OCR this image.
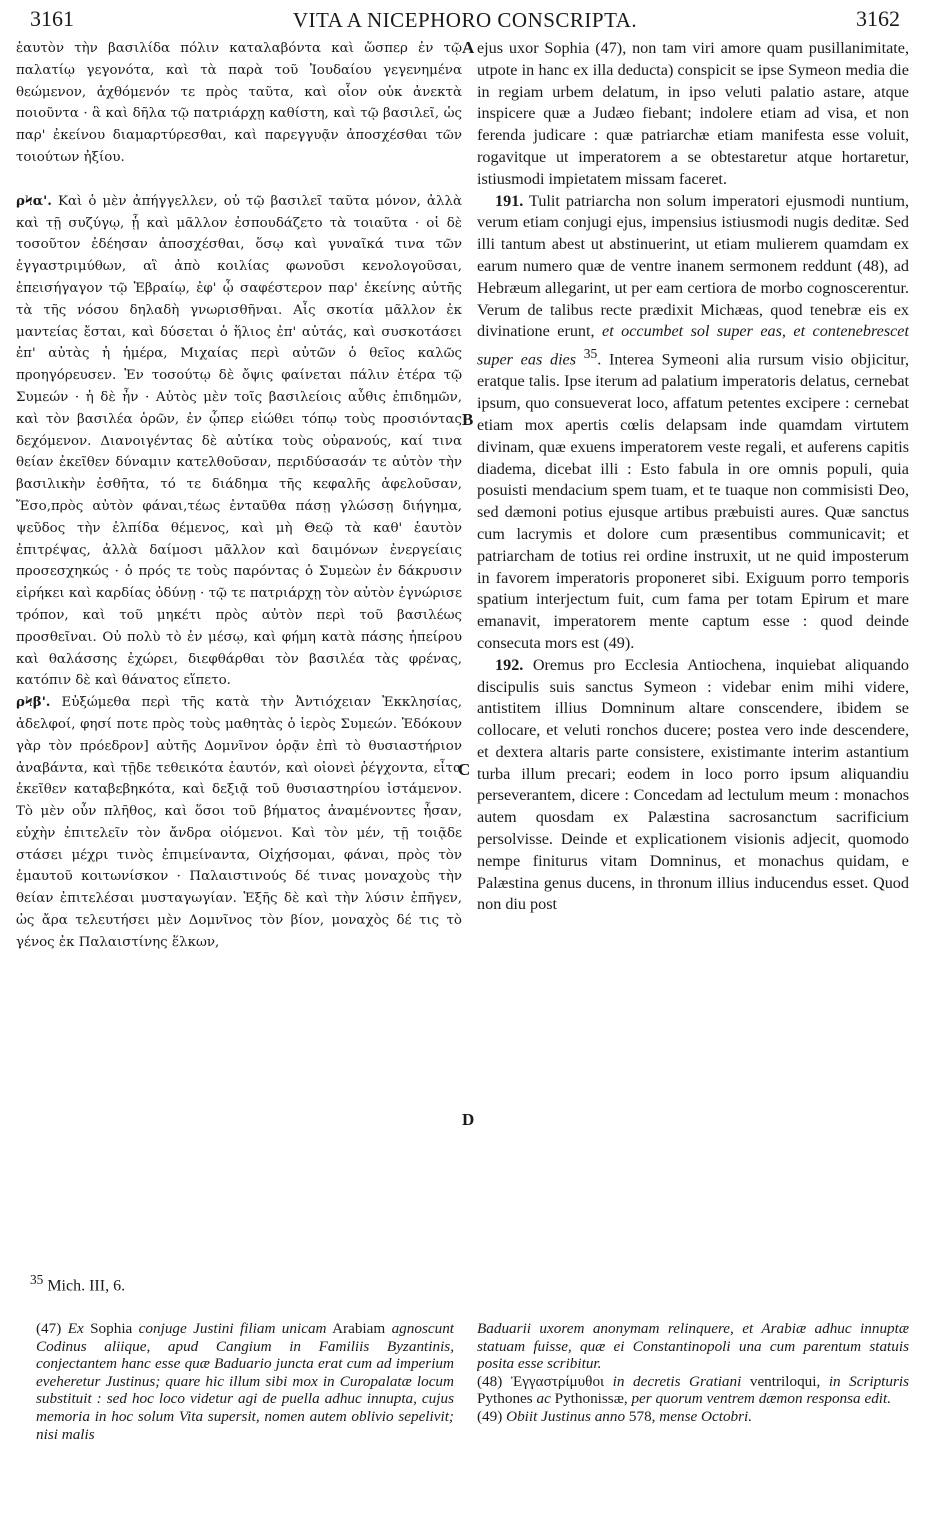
3161	VITA A NICEPHORO CONSCRIPTA.	3162

ἑαυτὸν τὴν βασιλίδα πόλιν καταλαβόντα καὶ ὥσπερ ἐν τῷ παλατίῳ γεγονότα, καὶ τὰ παρὰ τοῦ Ἰουδαίου γεγενημένα θεώμενον, ἀχθόμενόν τε πρὸς ταῦτα, καὶ οἷον οὐκ ἀνεκτὰ ποιοῦντα · ἃ καὶ δῆλα τῷ πατριάρχῃ καθίστη, καὶ τῷ βασιλεῖ, ὡς παρ' ἐκείνου διαμαρτύρεσθαι, καὶ παρεγγυᾷν ἀποσχέσθαι τῶν τοιούτων ἠξίου.

ρϞα'. Καὶ ὁ μὲν ἀπήγγελλεν, οὐ τῷ βασιλεῖ ταῦτα μόνον, ἀλλὰ καὶ τῇ συζύγῳ, ᾗ καὶ μᾶλλον ἐσπουδάζετο τὰ τοιαῦτα · οἱ δὲ τοσοῦτον ἐδέησαν ἀποσχέσθαι, ὅσῳ καὶ γυναῖκά τινα τῶν ἐγγαστριμύθων, αἳ ἀπὸ κοιλίας φωνοῦσι κενολογοῦσαι, ἐπεισήγαγον τῷ Ἑβραίῳ, ἐφ' ᾧ σαφέστερον παρ' ἐκείνης αὐτῆς τὰ τῆς νόσου δηλαδὴ γνωρισθῆναι. Αἷς σκοτία μᾶλλον ἐκ μαντείας ἔσται, καὶ δύσεται ὁ ἥλιος ἐπ' αὐτάς, καὶ συσκοτάσει ἐπ' αὐτὰς ἡ ἡμέρα, Μιχαίας περὶ αὐτῶν ὁ θεῖος καλῶς προηγόρευσεν. Ἐν τοσούτῳ δὲ ὄψις φαίνεται πάλιν ἑτέρα τῷ Συμεών · ἡ δὲ ἦν · Αὐτὸς μὲν τοῖς βασιλείοις αὖθις ἐπιδημῶν, καὶ τὸν βασιλέα ὁρῶν, ἐν ᾧπερ εἰώθει τόπῳ τοὺς προσιόντας δεχόμενον. Διανοιγέντας δὲ αὐτίκα τοὺς οὐρανούς, καί τινα θείαν ἐκεῖθεν δύναμιν κατελθοῦσαν, περιδύσασάν τε αὐτὸν τὴν βασιλικὴν ἐσθῆτα, τό τε διάδημα τῆς κεφαλῆς ἀφελοῦσαν, Ἔσο,πρὸς αὐτὸν φάναι,τέως ἐνταῦθα πάσῃ γλώσσῃ διήγημα, ψεῦδος τὴν ἐλπίδα θέμενος, καὶ μὴ Θεῷ τὰ καθ' ἑαυτὸν ἐπιτρέψας, ἀλλὰ δαίμοσι μᾶλλον καὶ δαιμόνων ἐνεργείαις προσεσχηκώς · ὁ πρός τε τοὺς παρόντας ὁ Συμεὼν ἐν δάκρυσιν εἰρήκει καὶ καρδίας ὀδύνῃ · τῷ τε πατριάρχῃ τὸν αὐτὸν ἐγνώρισε τρόπον, καὶ τοῦ μηκέτι πρὸς αὐτὸν περὶ τοῦ βασιλέως προσθεῖναι. Οὐ πολὺ τὸ ἐν μέσῳ, καὶ φήμη κατὰ πάσης ἠπείρου καὶ θαλάσσης ἐχώρει, διεφθάρθαι τὸν βασιλέα τὰς φρένας, κατόπιν δὲ καὶ θάνατος εἵπετο.

ρϞβ'. Εὐξώμεθα περὶ τῆς κατὰ τὴν Ἀντιόχειαν Ἐκκλησίας, ἀδελφοί, φησί ποτε πρὸς τοὺς μαθητὰς ὁ ἱερὸς Συμεών. Ἐδόκουν γὰρ τὸν πρόεδρον] αὐτῆς Δομνῖνον ὁρᾷν ἐπὶ τὸ θυσιαστήριον ἀναβάντα, καὶ τῇδε τεθεικότα ἑαυτόν, καὶ οἱονεὶ ῥέγχοντα, εἶτα ἐκεῖθεν καταβεβηκότα, καὶ δεξιᾷ τοῦ θυσιαστηρίου ἱστάμενον. Τὸ μὲν οὖν πλῆθος, καὶ ὅσοι τοῦ βήματος ἀναμένοντες ἦσαν, εὐχὴν ἐπιτελεῖν τὸν ἄνδρα οἰόμενοι. Καὶ τὸν μέν, τῇ τοιᾷδε στάσει μέχρι τινὸς ἐπιμείναντα, Οἰχήσομαι, φάναι, πρὸς τὸν ἐμαυτοῦ κοιτωνίσκον · Παλαιστινούς δέ τινας μοναχοὺς τὴν θείαν ἐπιτελέσαι μυσταγωγίαν. Ἑξῆς δὲ καὶ τὴν λύσιν ἐπῆγεν, ὡς ἄρα τελευτήσει μὲν Δομνῖνος τὸν βίον, μοναχὸς δέ τις τὸ γένος ἐκ Παλαιστίνης ἕλκων,

A
B
C
D

ejus uxor Sophia (47), non tam viri amore quam pusillanimitate, utpote in hanc ex illa deducta) conspicit se ipse Symeon media die in regiam urbem delatum, in ipso veluti palatio astare, atque inspicere quæ a Judæo fiebant; indolere etiam ad visa, et non ferenda judicare : quæ patriarchæ etiam manifesta esse voluit, rogavitque ut imperatorem a se obtestaretur atque hortaretur, istiusmodi impietatem missam faceret.

191. Tulit patriarcha non solum imperatori ejusmodi nuntium, verum etiam conjugi ejus, impensius istiusmodi nugis deditæ. Sed illi tantum abest ut abstinuerint, ut etiam mulierem quamdam ex earum numero quæ de ventre inanem sermonem reddunt (48), ad Hebræum allegarint, ut per eam certiora de morbo cognoscerentur. Verum de talibus recte prædixit Michæas, quod tenebræ eis ex divinatione erunt, et occumbet sol super eas, et contenebrescet super eas dies $^{35}$. Interea Symeoni alia rursum visio objicitur, eratque talis. Ipse iterum ad palatium imperatoris delatus, cernebat ipsum, quo consueverat loco, affatum petentes excipere : cernebat etiam mox apertis cœlis delapsam inde quamdam virtutem divinam, quæ exuens imperatorem veste regali, et auferens capitis diadema, dicebat illi : Esto fabula in ore omnis populi, quia posuisti mendacium spem tuam, et te tuaque non commisisti Deo, sed dæmoni potius ejusque artibus præbuisti aures. Quæ sanctus cum lacrymis et dolore cum præsentibus communicavit; et patriarcham de totius rei ordine instruxit, ut ne quid imposterum in favorem imperatoris proponeret sibi. Exiguum porro temporis spatium interjectum fuit, cum fama per totam Epirum et mare emanavit, imperatorem mente captum esse : quod deinde consecuta mors est (49).

192. Oremus pro Ecclesia Antiochena, inquiebat aliquando discipulis suis sanctus Symeon : videbar enim mihi videre, antistitem illius Domninum altare conscendere, ibidem se collocare, et veluti ronchos ducere; postea vero inde descendere, et dextera altaris parte consistere, existimante interim astantium turba illum precari; eodem in loco porro ipsum aliquandiu perseverantem, dicere : Concedam ad lectulum meum : monachos autem quosdam ex Palæstina sacrosanctum sacrificium persolvisse. Deinde et explicationem visionis adjecit, quomodo nempe finiturus vitam Domninus, et monachus quidam, e Palæstina genus ducens, in thronum illius inducendus esset. Quod non diu post

$^{35}$ Mich. III, 6.

(47) Ex Sophia conjuge Justini filiam unicam Arabiam agnoscunt Codinus aliique, apud Cangium in Familiis Byzantinis, conjectantem hanc esse quæ Baduario juncta erat cum ad imperium eveheretur Justinus; quare hic illum sibi mox in Curopalatæ locum substituit : sed hoc loco videtur agi de puella adhuc innupta, cujus memoria in hoc solum Vita supersit, nomen autem oblivio sepelivit; nisi malis

Baduarii uxorem anonymam relinquere, et Arabiæ adhuc innuptæ statuam fuisse, quæ ei Constantinopoli una cum parentum statuis posita esse scribitur.

(48) Ἐγγαστρίμυθοι in decretis Gratiani ventriloqui, in Scripturis Pythones ac Pythonissæ, per quorum ventrem dæmon responsa edit.

(49) Obiit Justinus anno 578, mense Octobri.
